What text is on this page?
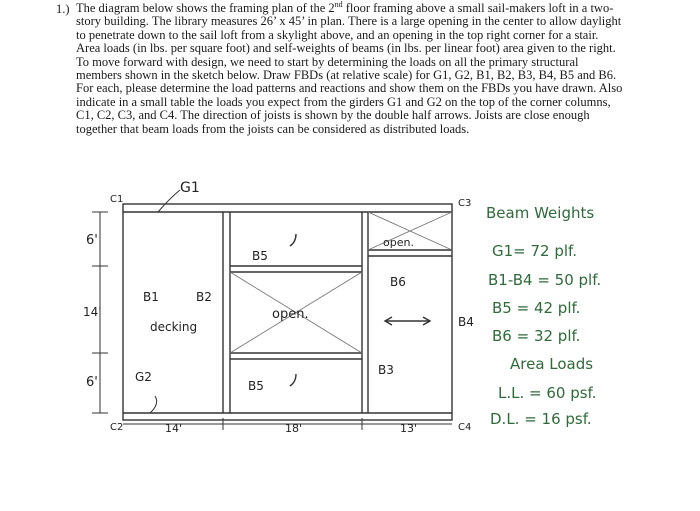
1.) The diagram below shows the framing plan of the 2nd floor framing above a small sail-makers loft in a two-story building. The library measures 26’ x 45’ in plan. There is a large opening in the center to allow daylight to penetrate down to the sail loft from a skylight above, and an opening in the top right corner for a stair. Area loads (in lbs. per square foot) and self-weights of beams (in lbs. per linear foot) area given to the right. To move forward with design, we need to start by determining the loads on all the primary structural members shown in the sketch below. Draw FBDs (at relative scale) for G1, G2, B1, B2, B3, B4, B5 and B6. For each, please determine the load patterns and reactions and show them on the FBDs you have drawn. Also indicate in a small table the loads you expect from the girders G1 and G2 on the top of the corner columns, C1, C2, C3, and C4. The direction of joists is shown by the double half arrows. Joists are close enough together that beam loads from the joists can be considered as distributed loads.

G1
C1	C3
C2	C4
G2
B1	B2
B5
B5
B6
B3
B4
decking
open.
open.
6'
14'
6'
14'	18'	13'
Beam Weights
G1= 72 plf.
B1-B4 = 50 plf.
B5 = 42 plf.
B6 = 32 plf.
Area Loads
L.L. = 60 psf.
D.L. = 16 psf.
